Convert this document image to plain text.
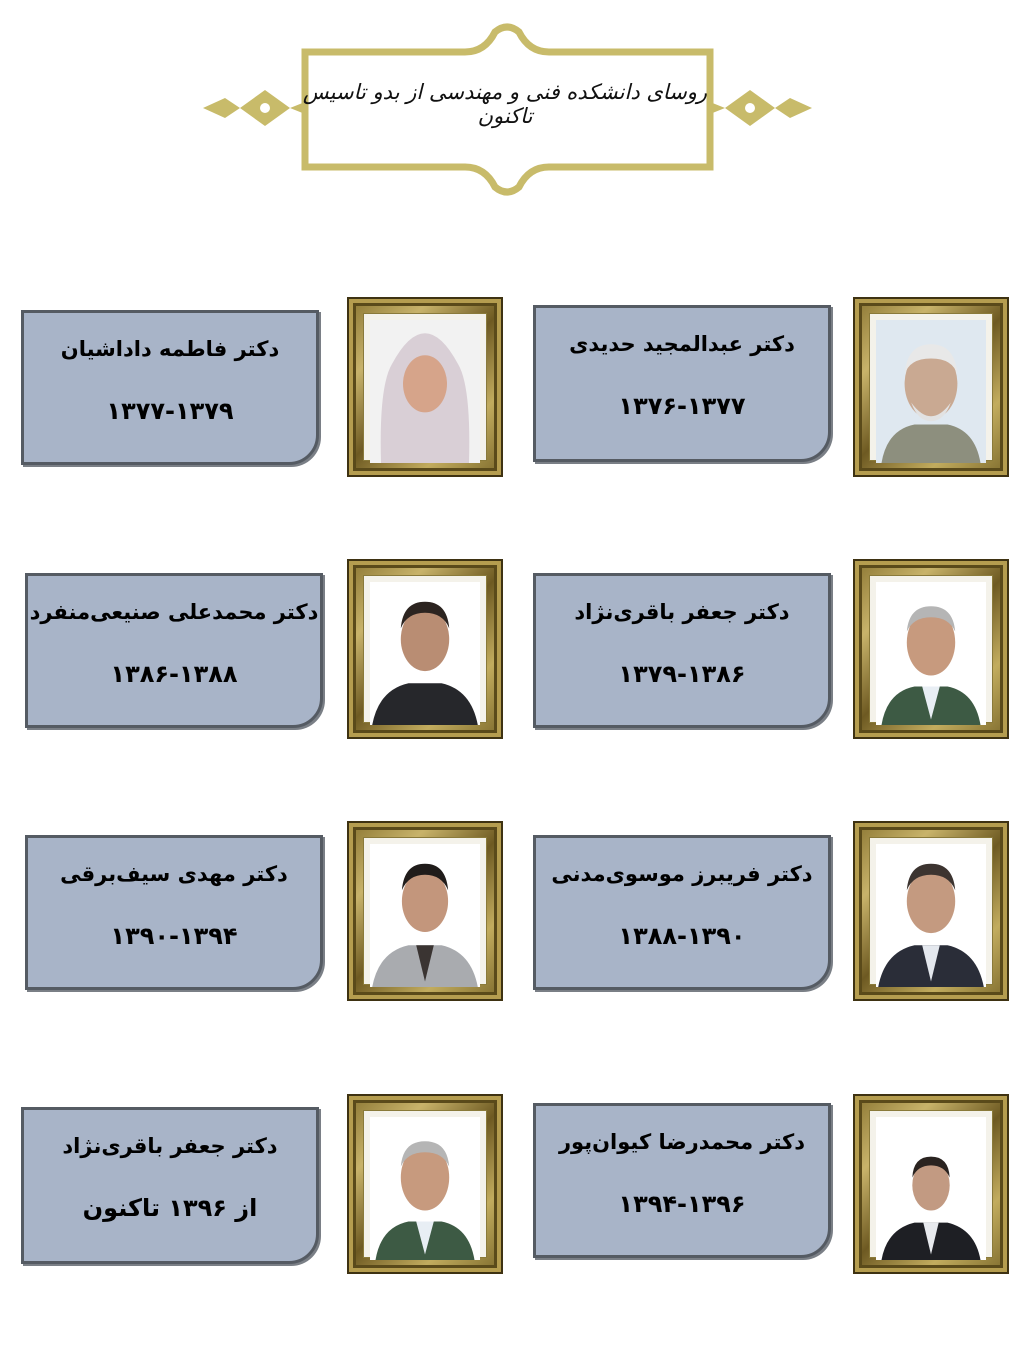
روسای دانشکده فنی و مهندسی از بدو تاسیس تاکنون
دکتر عبدالمجید حدیدی
۱۳۷۶-۱۳۷۷
دکتر فاطمه داداشیان
۱۳۷۷-۱۳۷۹
دکتر جعفر باقری‌نژاد
۱۳۷۹-۱۳۸۶
دکتر محمدعلی صنیعی‌منفرد
۱۳۸۶-۱۳۸۸
دکتر فریبرز موسوی‌مدنی
۱۳۸۸-۱۳۹۰
دکتر مهدی سیف‌برقی
۱۳۹۰-۱۳۹۴
دکتر محمدرضا کیوان‌پور
۱۳۹۴-۱۳۹۶
دکتر جعفر باقری‌نژاد
از ۱۳۹۶ تاکنون
